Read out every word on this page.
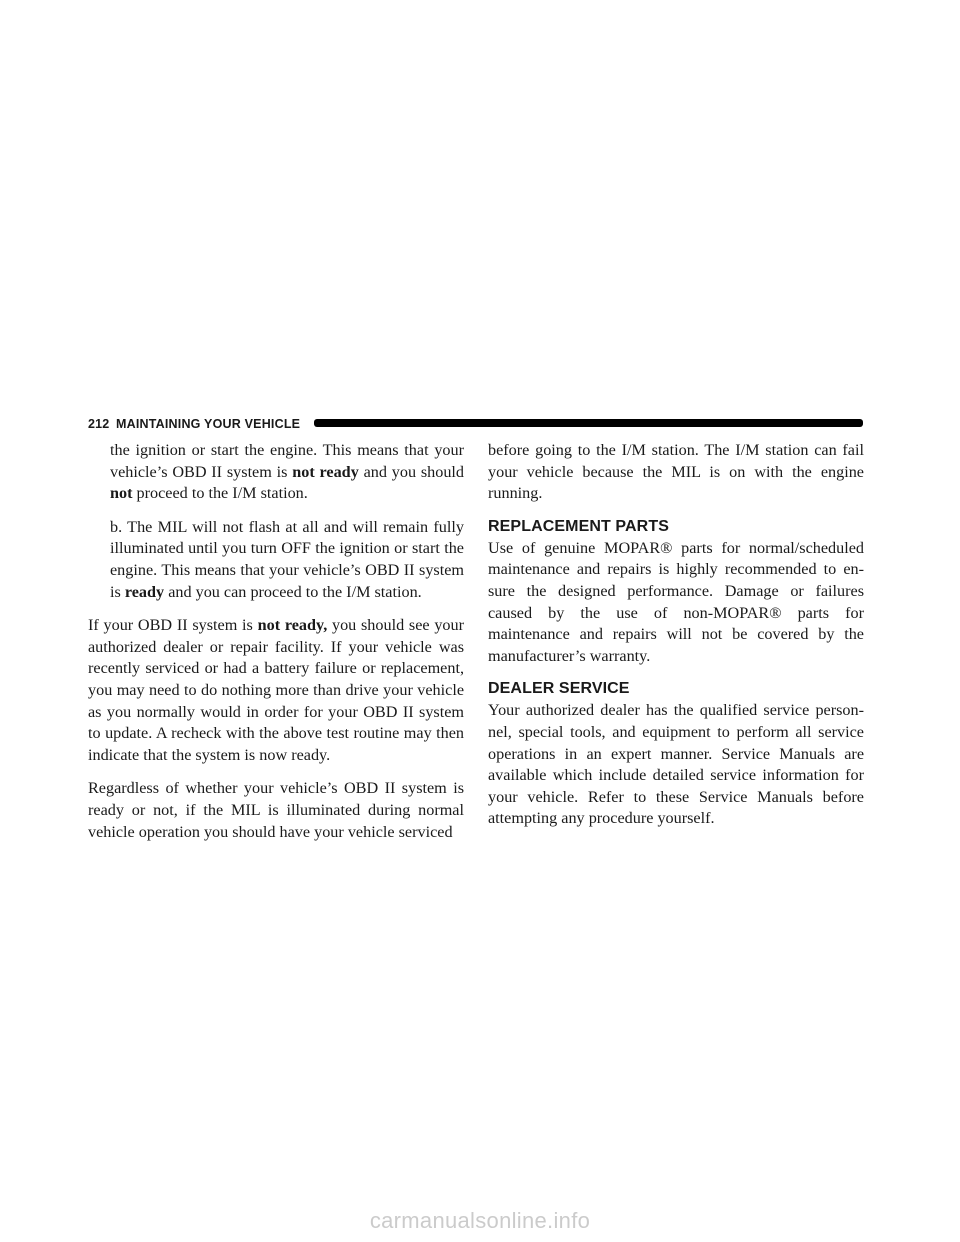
212 MAINTAINING YOUR VEHICLE

the ignition or start the engine. This means that your vehicle’s OBD II system is not ready and you should not proceed to the I/M station.

b. The MIL will not flash at all and will remain fully illuminated until you turn OFF the ignition or start the engine. This means that your vehicle’s OBD II system is ready and you can proceed to the I/M station.

If your OBD II system is not ready, you should see your authorized dealer or repair facility. If your vehicle was recently serviced or had a battery failure or replacement, you may need to do nothing more than drive your vehicle as you normally would in order for your OBD II system to update. A recheck with the above test routine may then indicate that the system is now ready.

Regardless of whether your vehicle’s OBD II system is ready or not, if the MIL is illuminated during normal vehicle operation you should have your vehicle serviced

before going to the I/M station. The I/M station can fail your vehicle because the MIL is on with the engine running.

REPLACEMENT PARTS

Use of genuine MOPAR® parts for normal/scheduled maintenance and repairs is highly recommended to en- sure the designed performance. Damage or failures caused by the use of non-MOPAR® parts for maintenance and repairs will not be covered by the manufacturer’s warranty.

DEALER SERVICE

Your authorized dealer has the qualified service person- nel, special tools, and equipment to perform all service operations in an expert manner. Service Manuals are available which include detailed service information for your vehicle. Refer to these Service Manuals before attempting any procedure yourself.

carmanualsonline.info
